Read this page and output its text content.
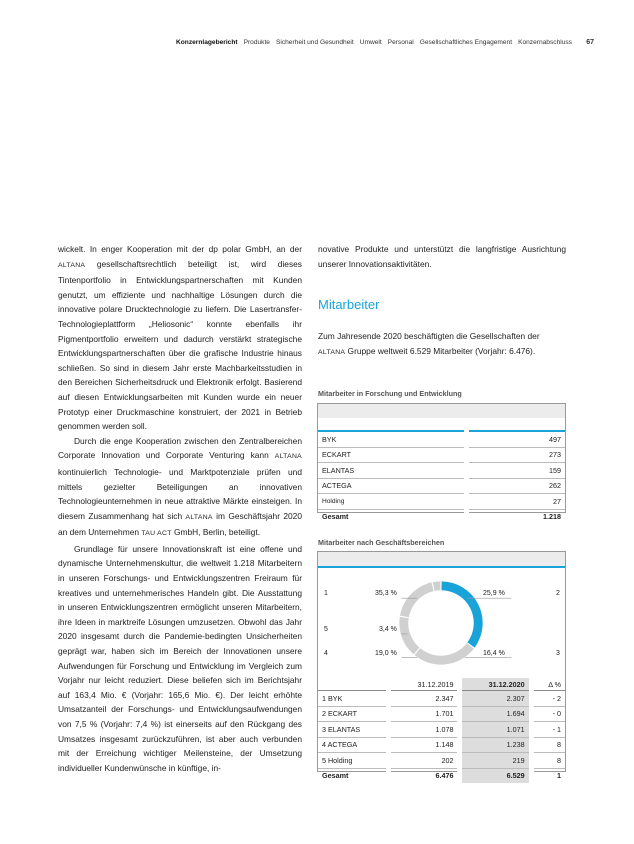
Konzernlagebericht Produkte Sicherheit und Gesundheit Umwelt Personal Gesellschaftliches Engagement Konzernabschluss 67

wickelt. In enger Kooperation mit der dp polar GmbH, an der ALTANA gesellschaftsrechtlich beteiligt ist, wird dieses Tintenportfolio in Entwicklungspartnerschaften mit Kunden genutzt, um effiziente und nachhaltige Lösungen durch die innovative polare Drucktechnologie zu liefern. Die Lasertransfer-Technologieplattform „Heliosonic“ konnte ebenfalls ihr Pigmentportfolio erweitern und dadurch verstärkt strategische Entwicklungspartnerschaften über die grafische Industrie hinaus schließen. So sind in diesem Jahr erste Machbarkeitsstudien in den Bereichen Sicherheitsdruck und Elektronik erfolgt. Basierend auf diesen Entwicklungsarbeiten mit Kunden wurde ein neuer Prototyp einer Druckmaschine konstruiert, der 2021 in Betrieb genommen werden soll.

Durch die enge Kooperation zwischen den Zentralbereichen Corporate Innovation und Corporate Venturing kann ALTANA kontinuierlich Technologie- und Marktpotenziale prüfen und mittels gezielter Beteiligungen an innovativen Technologieunternehmen in neue attraktive Märkte einsteigen. In diesem Zusammenhang hat sich ALTANA im Geschäftsjahr 2020 an dem Unternehmen TAU ACT GmbH, Berlin, beteiligt.

Grundlage für unsere Innovationskraft ist eine offene und dynamische Unternehmenskultur, die weltweit 1.218 Mitarbeitern in unseren Forschungs- und Entwicklungszentren Freiraum für kreatives und unternehmerisches Handeln gibt. Die Ausstattung in unseren Entwicklungszentren ermöglicht unseren Mitarbeitern, ihre Ideen in marktreife Lösungen umzusetzen. Obwohl das Jahr 2020 insgesamt durch die Pandemie-bedingten Unsicherheiten geprägt war, haben sich im Bereich der Innovationen unsere Aufwendungen für Forschung und Entwicklung im Vergleich zum Vorjahr nur leicht reduziert. Diese beliefen sich im Berichtsjahr auf 163,4 Mio. € (Vorjahr: 165,6 Mio. €). Der leicht erhöhte Umsatzanteil der Forschungs- und Entwicklungsaufwendungen von 7,5 % (Vorjahr: 7,4 %) ist einerseits auf den Rückgang des Umsatzes insgesamt zurückzuführen, ist aber auch verbunden mit der Erreichung wichtiger Meilensteine, der Umsetzung individueller Kundenwünsche in künftige, in-

novative Produkte und unterstützt die langfristige Ausrichtung unserer Innovationsaktivitäten.

Mitarbeiter
Zum Jahresende 2020 beschäftigten die Gesellschaften der ALTANA Gruppe weltweit 6.529 Mitarbeiter (Vorjahr: 6.476).
Mitarbeiter in Forschung und Entwicklung
BYK	497
ECKART	273
ELANTAS	159
ACTEGA	262
Holding	27
Gesamt	1.218
Mitarbeiter nach Geschäftsbereichen
1	35,3 %	2
25,9 %
3
16,4 %
4	19,0 %
5	3,4 %
	31.12.2019	31.12.2020	Δ %
1 BYK	2.347	2.307	- 2
2 ECKART	1.701	1.694	- 0
3 ELANTAS	1.078	1.071	- 1
4 ACTEGA	1.148	1.238	8
5 Holding	202	219	8
Gesamt	6.476	6.529	1
